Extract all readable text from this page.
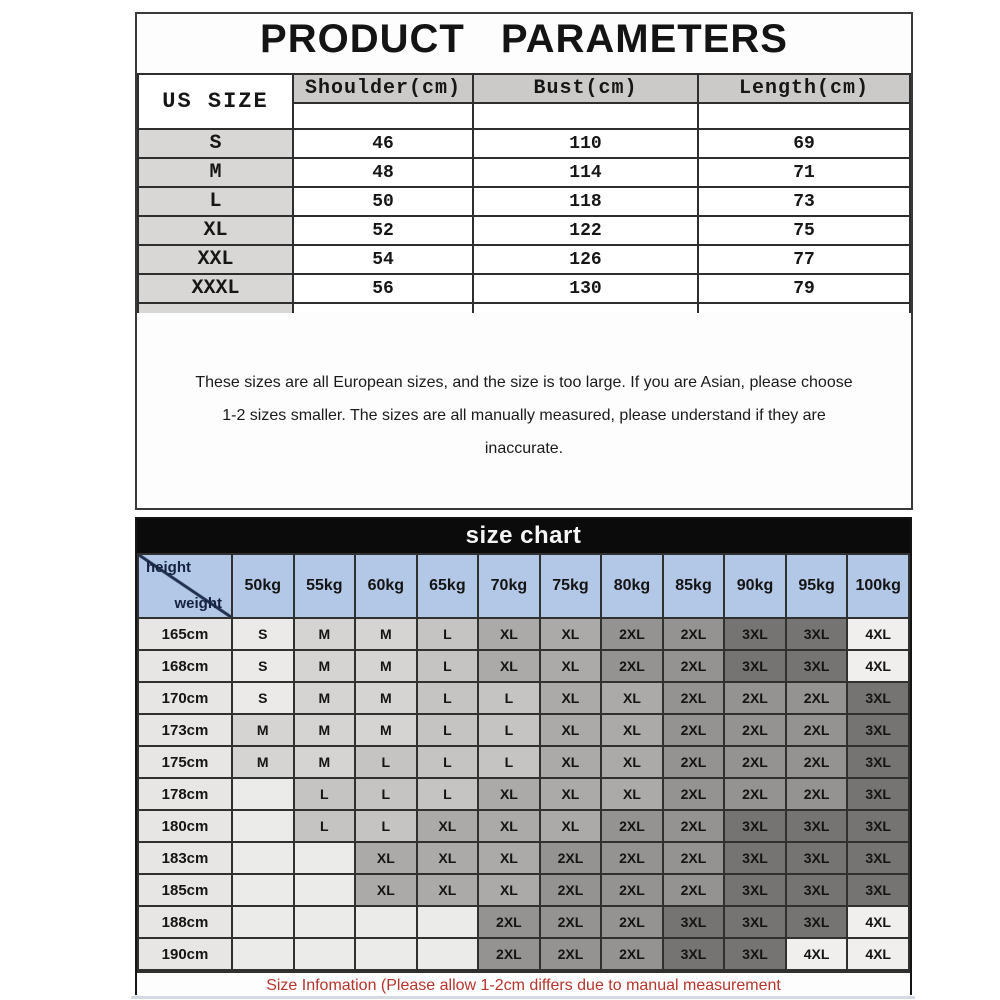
PRODUCT PARAMETERS
US SIZE	Shoulder(cm)	Bust(cm)	Length(cm)

S	46	110	69
M	48	114	71
L	50	118	73
XL	52	122	75
XXL	54	126	77
XXXL	56	130	79

These sizes are all European sizes, and the size is too large. If you are Asian, please choose
1-2 sizes smaller. The sizes are all manually measured, please understand if they are
inaccurate.
size chart
height
weight	50kg	55kg	60kg	65kg	70kg	75kg	80kg	85kg	90kg	95kg	100kg
165cm	S	M	M	L	XL	XL	2XL	2XL	3XL	3XL	4XL
168cm	S	M	M	L	XL	XL	2XL	2XL	3XL	3XL	4XL
170cm	S	M	M	L	L	XL	XL	2XL	2XL	2XL	3XL
173cm	M	M	M	L	L	XL	XL	2XL	2XL	2XL	3XL
175cm	M	M	L	L	L	XL	XL	2XL	2XL	2XL	3XL
178cm		L	L	L	XL	XL	XL	2XL	2XL	2XL	3XL
180cm		L	L	XL	XL	XL	2XL	2XL	3XL	3XL	3XL
183cm			XL	XL	XL	2XL	2XL	2XL	3XL	3XL	3XL
185cm			XL	XL	XL	2XL	2XL	2XL	3XL	3XL	3XL
188cm					2XL	2XL	2XL	3XL	3XL	3XL	4XL
190cm					2XL	2XL	2XL	3XL	3XL	4XL	4XL
Size Infomation (Please allow 1-2cm differs due to manual measurement
